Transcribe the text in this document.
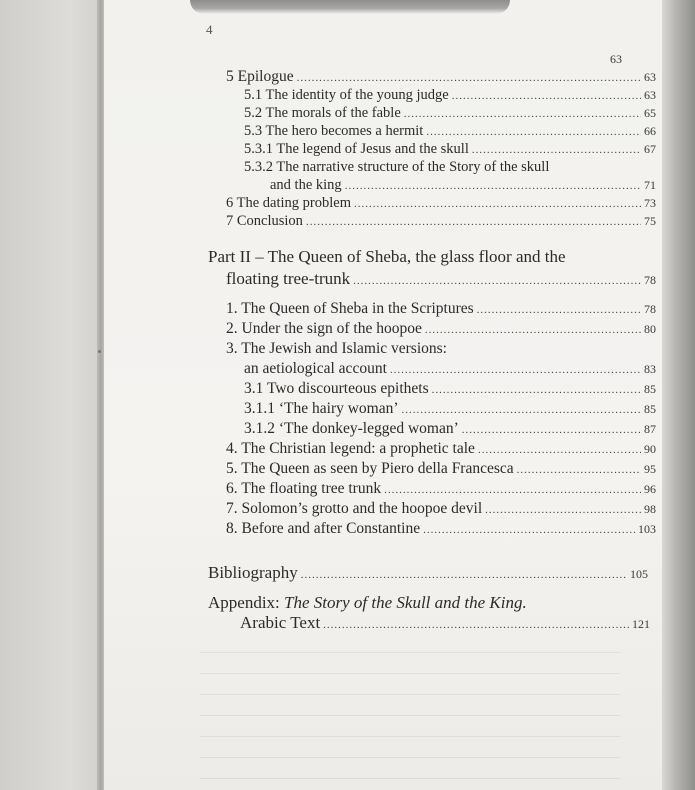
4
63
5 Epilogue .....	63
5.1 The identity of the young judge .....	63
5.2 The morals of the fable .....	65
5.3 The hero becomes a hermit .....	66
5.3.1 The legend of Jesus and the skull .....	67
5.3.2 The narrative structure of the Story of the skull
and the king .....	71
6 The dating problem .....	73
7 Conclusion .....	75
Part II – The Queen of Sheba, the glass floor and the
floating tree-trunk .....	78
1. The Queen of Sheba in the Scriptures .....	78
2. Under the sign of the hoopoe .....	80
3. The Jewish and Islamic versions:
an aetiological account .....	83
3.1 Two discourteous epithets .....	85
3.1.1 ‘The hairy woman’ .....	85
3.1.2 ‘The donkey-legged woman’ .....	87
4. The Christian legend: a prophetic tale .....	90
5. The Queen as seen by Piero della Francesca .....	95
6. The floating tree trunk .....	96
7. Solomon’s grotto and the hoopoe devil .....	98
8. Before and after Constantine .....	103
Bibliography .....	105
Appendix: The Story of the Skull and the King.
Arabic Text .....	121
